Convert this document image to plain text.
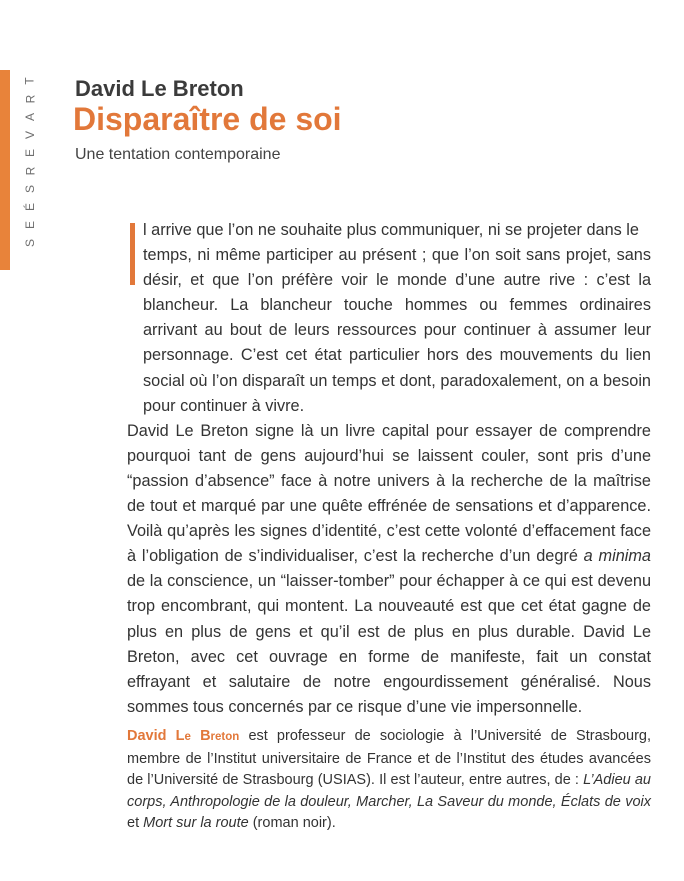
T
R
A
V
E
R
S
É
E
S
David Le Breton
Disparaître de soi

Une tentation contemporaine

l arrive que l’on ne souhaite plus communiquer, ni se projeter dans le
temps, ni même participer au présent ; que l’on soit sans projet, sans désir, et que l’on préfère voir le monde d’une autre rive : c’est la blancheur. La blancheur touche hommes ou femmes ordinaires arrivant au bout de leurs ressources pour continuer à assumer leur personnage. C’est cet état particulier hors des mouvements du lien social où l’on disparaît un temps et dont, paradoxalement, on a besoin pour continuer à vivre.

David Le Breton signe là un livre capital pour essayer de comprendre pourquoi tant de gens aujourd’hui se laissent couler, sont pris d’une “passion d’absence” face à notre univers à la recherche de la maîtrise de tout et marqué par une quête effrénée de sensations et d’apparence. Voilà qu’après les signes d’identité, c’est cette volonté d’effacement face à l’obligation de s’individualiser, c’est la recherche d’un degré a minima de la conscience, un “laisser-tomber” pour échapper à ce qui est devenu trop encombrant, qui montent. La nouveauté est que cet état gagne de plus en plus de gens et qu’il est de plus en plus durable. David Le Breton, avec cet ouvrage en forme de manifeste, fait un constat effrayant et salutaire de notre engourdissement généralisé. Nous sommes tous concernés par ce risque d’une vie impersonnelle.

David Le Breton est professeur de sociologie à l’Université de Strasbourg, membre de l’Institut universitaire de France et de l’Institut des études avancées de l’Université de Strasbourg (USIAS). Il est l’auteur, entre autres, de : L’Adieu au corps, Anthropologie de la douleur, Marcher, La Saveur du monde, Éclats de voix et Mort sur la route (roman noir).
